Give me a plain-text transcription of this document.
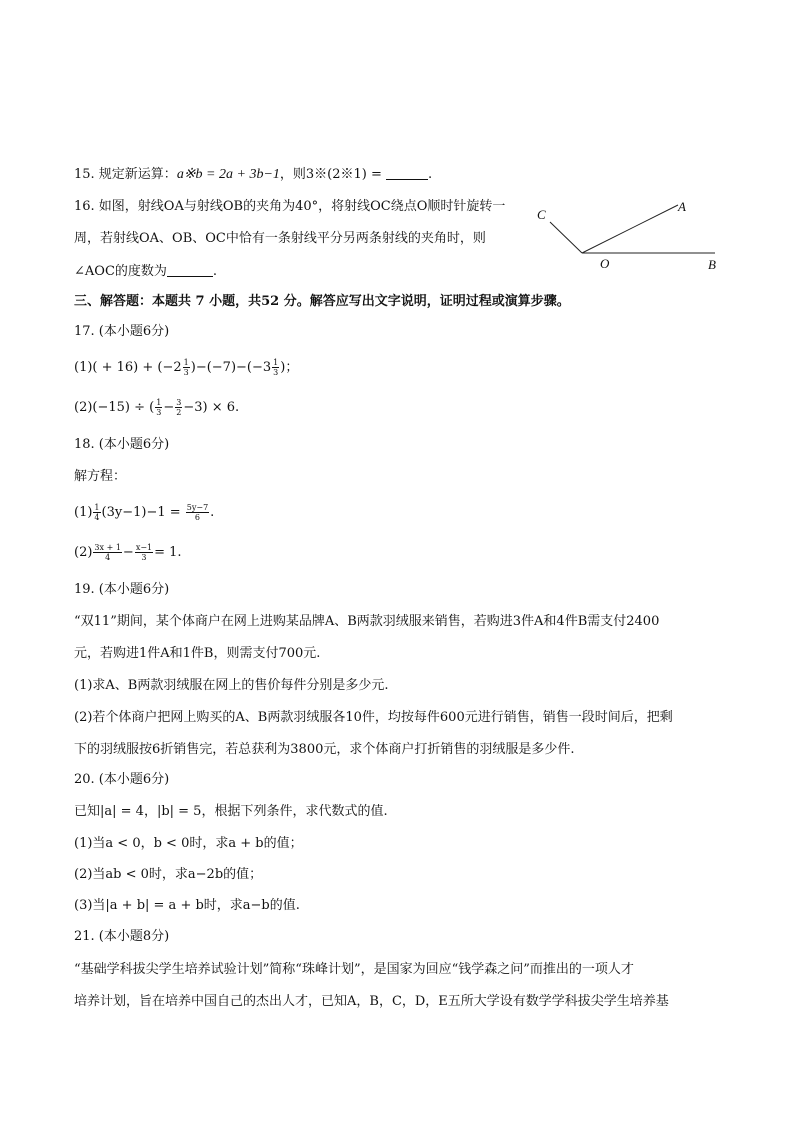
15. 规定新运算：a※b = 2a + 3b−1，则3※(2※1) =	.
16. 如图，射线OA与射线OB的夹角为40°，将射线OC绕点O顺时针旋转一
周，若射线OA、OB、OC中恰有一条射线平分另两条射线的夹角时，则
∠AOC的度数为	.
A
B
C
O
三、解答题：本题共 7 小题，共52 分。解答应写出文字说明，证明过程或演算步骤。
17. (本小题6分)
$(1)( + 16) + (-2 \frac{1}{3} )-(-7)-(-3 \frac{1}{3}$ )；
(2)(−15) ÷ ( $\frac{1}{3} - \frac{3}{2} -3) \times 6$.
18. (本小题6分)
解方程：
$(1) \frac{1}{4} (3y-1)-1 = \frac{5y-7}{6}$ .
$(2) \frac{3x + 1}{4} - \frac{x-1}{3} = 1$.
19. (本小题6分)
“双11”期间，某个体商户在网上进购某品牌A、B两款羽绒服来销售，若购进3件A和4件B需支付2400
元，若购进1件A和1件B，则需支付700元.
(1)求A、B两款羽绒服在网上的售价每件分别是多少元.
(2)若个体商户把网上购买的A、B两款羽绒服各10件，均按每件600元进行销售，销售一段时间后，把剩
下的羽绒服按6折销售完，若总获利为3800元，求个体商户打折销售的羽绒服是多少件.
20. (本小题6分)
已知|a| = 4，|b| = 5，根据下列条件，求代数式的值.
(1)当a < 0，b < 0时，求a + b的值；
(2)当ab < 0时，求a−2b的值；
(3)当|a + b| = a + b时，求a−b的值.
21. (本小题8分)
“基础学科拔尖学生培养试验计划”简称“珠峰计划”，是国家为回应“钱学森之问”而推出的一项人才
培养计划，旨在培养中国自己的杰出人才，已知A，B，C，D，E五所大学设有数学学科拔尖学生培养基
